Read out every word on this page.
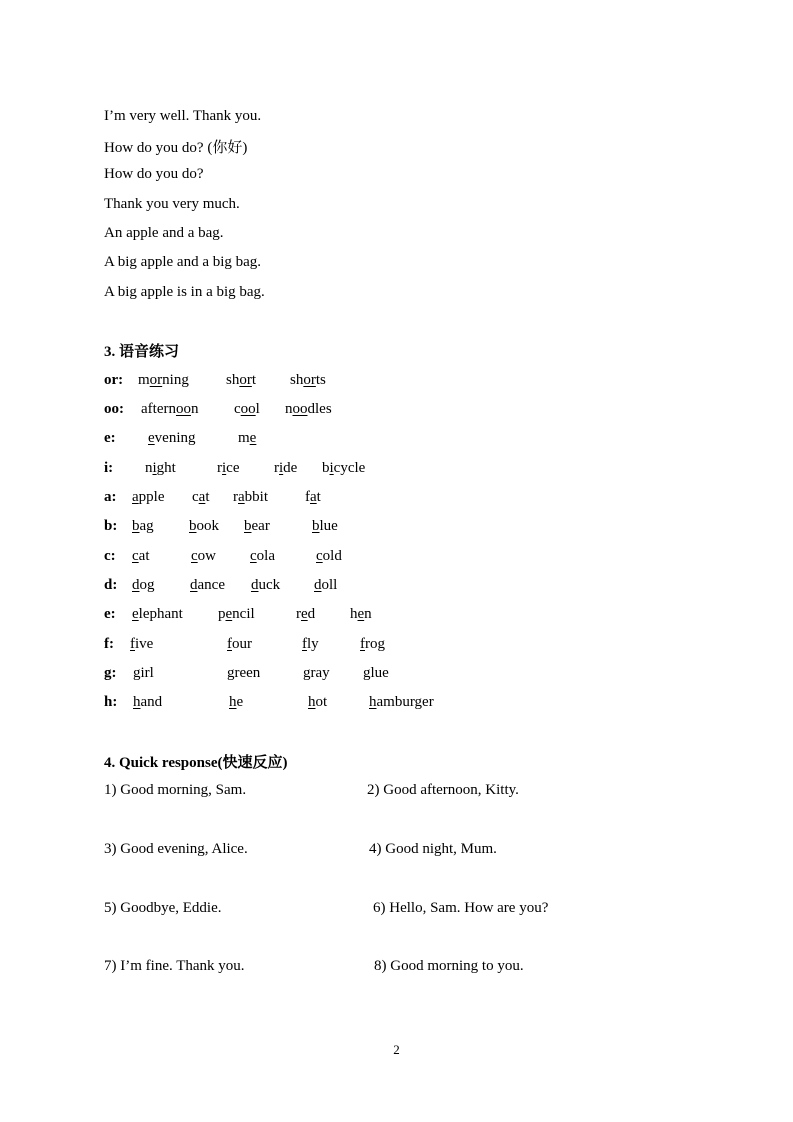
I’m very well. Thank you.
How do you do? (你好)
How do you do?
Thank you very much.
An apple and a bag.
A big apple and a big bag.
A big apple is in a big bag.
3. 语音练习
or: morning short shorts
oo: afternoon cool noodles
e: evening	me
i: night	rice ride bicycle
a: apple cat rabbit fat
b: bag book bear	blue
c: cat	cow cola	cold
d: dog dance duck doll
e: elephant pencil	red hen
f: five	four	fly	frog
g: girl	green	gray glue
h: hand	he	hot	hamburger
4. Quick response(快速反应)
1) Good morning, Sam.	2) Good afternoon, Kitty.
3) Good evening, Alice.	4) Good night, Mum.
5) Goodbye, Eddie.	6) Hello, Sam. How are you?
7) I’m fine. Thank you.	8) Good morning to you.
2
